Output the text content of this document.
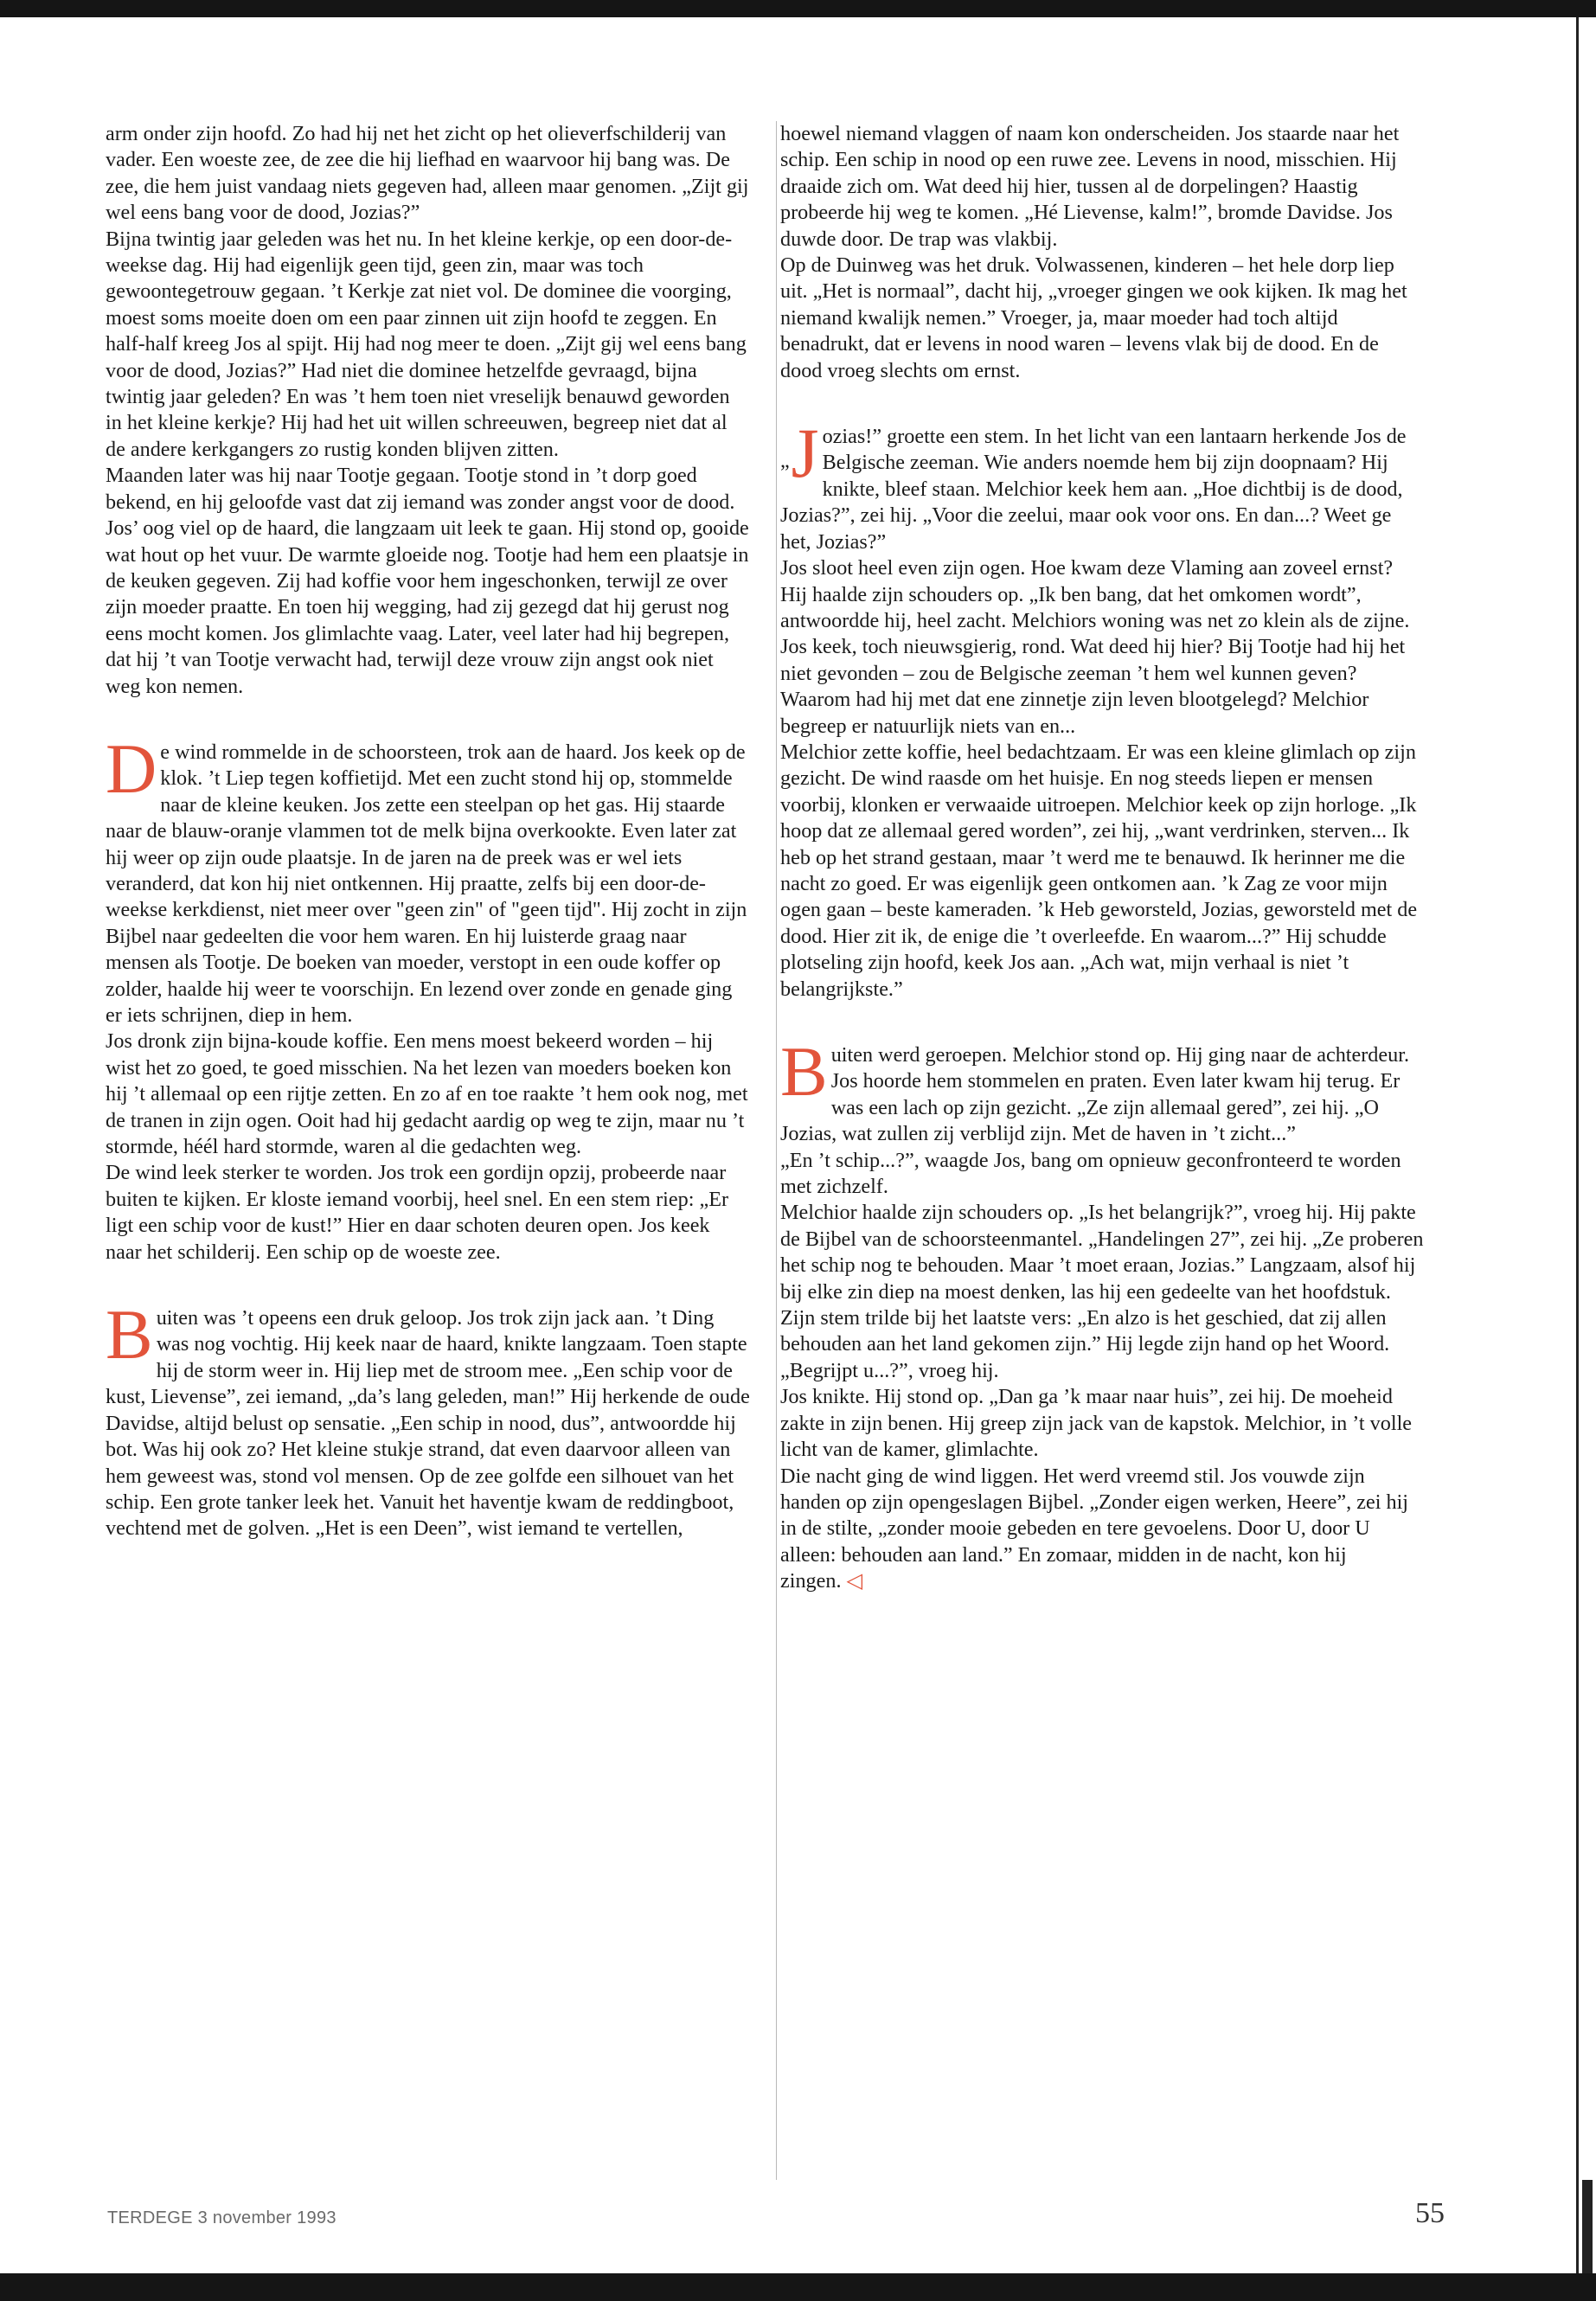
arm onder zijn hoofd. Zo had hij net het zicht op het olieverfschilderij van vader. Een woeste zee, de zee die hij liefhad en waarvoor hij bang was. De zee, die hem juist vandaag niets gegeven had, alleen maar genomen. „Zijt gij wel eens bang voor de dood, Jozias?”

Bijna twintig jaar geleden was het nu. In het kleine kerkje, op een door-de-weekse dag. Hij had eigenlijk geen tijd, geen zin, maar was toch gewoontegetrouw gegaan. ’t Kerkje zat niet vol. De dominee die voorging, moest soms moeite doen om een paar zinnen uit zijn hoofd te zeggen. En half-half kreeg Jos al spijt. Hij had nog meer te doen. „Zijt gij wel eens bang voor de dood, Jozias?” Had niet die dominee hetzelfde gevraagd, bijna twintig jaar geleden? En was ’t hem toen niet vreselijk benauwd geworden in het kleine kerkje? Hij had het uit willen schreeuwen, begreep niet dat al de andere kerkgangers zo rustig konden blijven zitten.

Maanden later was hij naar Tootje gegaan. Tootje stond in ’t dorp goed bekend, en hij geloofde vast dat zij iemand was zonder angst voor de dood.

Jos’ oog viel op de haard, die langzaam uit leek te gaan. Hij stond op, gooide wat hout op het vuur. De warmte gloeide nog. Tootje had hem een plaatsje in de keuken gegeven. Zij had koffie voor hem ingeschonken, terwijl ze over zijn moeder praatte. En toen hij wegging, had zij gezegd dat hij gerust nog eens mocht komen. Jos glimlachte vaag. Later, veel later had hij begrepen, dat hij ’t van Tootje verwacht had, terwijl deze vrouw zijn angst ook niet weg kon nemen.

De wind rommelde in de schoorsteen, trok aan de haard. Jos keek op de klok. ’t Liep tegen koffietijd. Met een zucht stond hij op, stommelde naar de kleine keuken. Jos zette een steelpan op het gas. Hij staarde naar de blauw-oranje vlammen tot de melk bijna overkookte. Even later zat hij weer op zijn oude plaatsje. In de jaren na de preek was er wel iets veranderd, dat kon hij niet ontkennen. Hij praatte, zelfs bij een door-de-weekse kerkdienst, niet meer over "geen zin" of "geen tijd". Hij zocht in zijn Bijbel naar gedeelten die voor hem waren. En hij luisterde graag naar mensen als Tootje. De boeken van moeder, verstopt in een oude koffer op zolder, haalde hij weer te voorschijn. En lezend over zonde en genade ging er iets schrijnen, diep in hem.

Jos dronk zijn bijna-koude koffie. Een mens moest bekeerd worden – hij wist het zo goed, te goed misschien. Na het lezen van moeders boeken kon hij ’t allemaal op een rijtje zetten. En zo af en toe raakte ’t hem ook nog, met de tranen in zijn ogen. Ooit had hij gedacht aardig op weg te zijn, maar nu ’t stormde, héél hard stormde, waren al die gedachten weg.

De wind leek sterker te worden. Jos trok een gordijn opzij, probeerde naar buiten te kijken. Er kloste iemand voorbij, heel snel. En een stem riep: „Er ligt een schip voor de kust!” Hier en daar schoten deuren open. Jos keek naar het schilderij. Een schip op de woeste zee.

Buiten was ’t opeens een druk geloop. Jos trok zijn jack aan. ’t Ding was nog vochtig. Hij keek naar de haard, knikte langzaam. Toen stapte hij de storm weer in. Hij liep met de stroom mee. „Een schip voor de kust, Lievense”, zei iemand, „da’s lang geleden, man!” Hij herkende de oude Davidse, altijd belust op sensatie. „Een schip in nood, dus”, antwoordde hij bot. Was hij ook zo? Het kleine stukje strand, dat even daarvoor alleen van hem geweest was, stond vol mensen. Op de zee golfde een silhouet van het schip. Een grote tanker leek het. Vanuit het haventje kwam de reddingboot, vechtend met de golven. „Het is een Deen”, wist iemand te vertellen,

hoewel niemand vlaggen of naam kon onderscheiden. Jos staarde naar het schip. Een schip in nood op een ruwe zee. Levens in nood, misschien. Hij draaide zich om. Wat deed hij hier, tussen al de dorpelingen? Haastig probeerde hij weg te komen. „Hé Lievense, kalm!”, bromde Davidse. Jos duwde door. De trap was vlakbij.

Op de Duinweg was het druk. Volwassenen, kinderen – het hele dorp liep uit. „Het is normaal”, dacht hij, „vroeger gingen we ook kijken. Ik mag het niemand kwalijk nemen.” Vroeger, ja, maar moeder had toch altijd benadrukt, dat er levens in nood waren – levens vlak bij de dood. En de dood vroeg slechts om ernst.

„ J ozias!” groette een stem. In het licht van een lantaarn herkende Jos de Belgische zeeman. Wie anders noemde hem bij zijn doopnaam? Hij knikte, bleef staan. Melchior keek hem aan. „Hoe dichtbij is de dood, Jozias?”, zei hij. „Voor die zeelui, maar ook voor ons. En dan...? Weet ge het, Jozias?”

Jos sloot heel even zijn ogen. Hoe kwam deze Vlaming aan zoveel ernst? Hij haalde zijn schouders op. „Ik ben bang, dat het omkomen wordt”, antwoordde hij, heel zacht. Melchiors woning was net zo klein als de zijne. Jos keek, toch nieuwsgierig, rond. Wat deed hij hier? Bij Tootje had hij het niet gevonden – zou de Belgische zeeman ’t hem wel kunnen geven? Waarom had hij met dat ene zinnetje zijn leven blootgelegd? Melchior begreep er natuurlijk niets van en...

Melchior zette koffie, heel bedachtzaam. Er was een kleine glimlach op zijn gezicht. De wind raasde om het huisje. En nog steeds liepen er mensen voorbij, klonken er verwaaide uitroepen. Melchior keek op zijn horloge. „Ik hoop dat ze allemaal gered worden”, zei hij, „want verdrinken, sterven... Ik heb op het strand gestaan, maar ’t werd me te benauwd. Ik herinner me die nacht zo goed. Er was eigenlijk geen ontkomen aan. ’k Zag ze voor mijn ogen gaan – beste kameraden. ’k Heb geworsteld, Jozias, geworsteld met de dood. Hier zit ik, de enige die ’t overleefde. En waarom...?” Hij schudde plotseling zijn hoofd, keek Jos aan. „Ach wat, mijn verhaal is niet ’t belangrijkste.”

Buiten werd geroepen. Melchior stond op. Hij ging naar de achterdeur.

Jos hoorde hem stommelen en praten. Even later kwam hij terug. Er was een lach op zijn gezicht. „Ze zijn allemaal gered”, zei hij. „O Jozias, wat zullen zij verblijd zijn. Met de haven in ’t zicht...”

„En ’t schip...?”, waagde Jos, bang om opnieuw geconfronteerd te worden met zichzelf.

Melchior haalde zijn schouders op. „Is het belangrijk?”, vroeg hij. Hij pakte de Bijbel van de schoorsteenmantel. „Handelingen 27”, zei hij. „Ze proberen het schip nog te behouden. Maar ’t moet eraan, Jozias.” Langzaam, alsof hij bij elke zin diep na moest denken, las hij een gedeelte van het hoofdstuk. Zijn stem trilde bij het laatste vers: „En alzo is het geschied, dat zij allen behouden aan het land gekomen zijn.” Hij legde zijn hand op het Woord. „Begrijpt u...?”, vroeg hij.

Jos knikte. Hij stond op. „Dan ga ’k maar naar huis”, zei hij. De moeheid zakte in zijn benen. Hij greep zijn jack van de kapstok. Melchior, in ’t volle licht van de kamer, glimlachte.

Die nacht ging de wind liggen. Het werd vreemd stil. Jos vouwde zijn handen op zijn opengeslagen Bijbel. „Zonder eigen werken, Heere”, zei hij in de stilte, „zonder mooie gebeden en tere gevoelens. Door U, door U alleen: behouden aan land.” En zomaar, midden in de nacht, kon hij zingen. ◁

TERDEGE 3 november 1993	55
